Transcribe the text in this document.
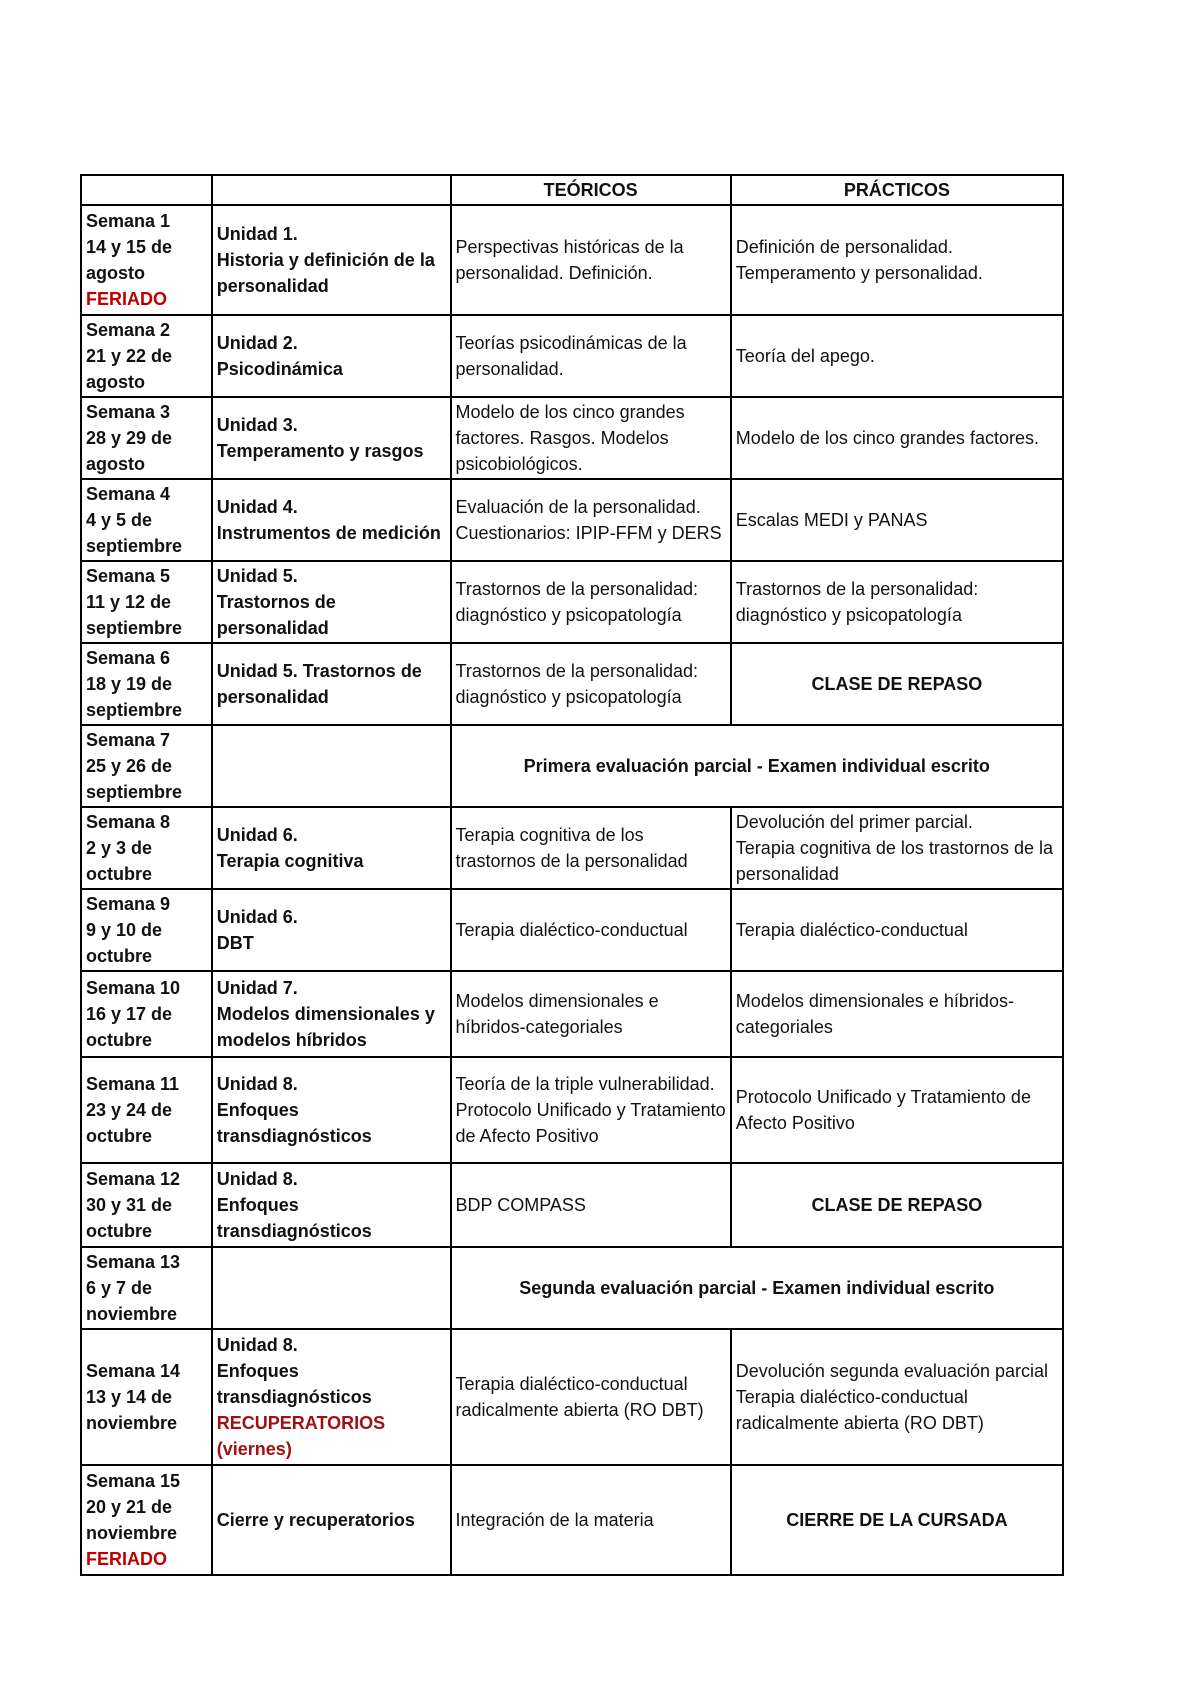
		TEÓRICOS	PRÁCTICOS

Semana 1
14 y 15 de agosto
FERIADO	Unidad 1.
Historia y definición de la personalidad	Perspectivas históricas de la personalidad. Definición.	Definición de personalidad. Temperamento y personalidad.

Semana 2
21 y 22 de agosto	Unidad 2.
Psicodinámica	Teorías psicodinámicas de la personalidad.	Teoría del apego.

Semana 3
28 y 29 de agosto	Unidad 3.
Temperamento y rasgos	Modelo de los cinco grandes factores. Rasgos. Modelos psicobiológicos.	Modelo de los cinco grandes factores.

Semana 4
4 y 5 de septiembre	Unidad 4.
Instrumentos de medición	Evaluación de la personalidad. Cuestionarios: IPIP-FFM y DERS	Escalas MEDI y PANAS

Semana 5
11 y 12 de septiembre	Unidad 5.
Trastornos de personalidad	Trastornos de la personalidad: diagnóstico y psicopatología	Trastornos de la personalidad: diagnóstico y psicopatología

Semana 6
18 y 19 de septiembre	Unidad 5. Trastornos de personalidad	Trastornos de la personalidad: diagnóstico y psicopatología	CLASE DE REPASO

Semana 7
25 y 26 de septiembre		Primera evaluación parcial - Examen individual escrito	

Semana 8
2 y 3 de octubre	Unidad 6.
Terapia cognitiva	Terapia cognitiva de los trastornos de la personalidad	Devolución del primer parcial.
Terapia cognitiva de los trastornos de la personalidad

Semana 9
9 y 10 de octubre	Unidad 6.
DBT	Terapia dialéctico-conductual	Terapia dialéctico-conductual

Semana 10
16 y 17 de octubre	Unidad 7.
Modelos dimensionales y modelos híbridos	Modelos dimensionales e híbridos-categoriales	Modelos dimensionales e híbridos-categoriales

Semana 11
23 y 24 de octubre	Unidad 8.
Enfoques transdiagnósticos	Teoría de la triple vulnerabilidad. Protocolo Unificado y Tratamiento de Afecto Positivo	Protocolo Unificado y Tratamiento de Afecto Positivo

Semana 12
30 y 31 de octubre	Unidad 8.
Enfoques transdiagnósticos	BDP COMPASS	CLASE DE REPASO

Semana 13
6 y 7 de noviembre		Segunda evaluación parcial - Examen individual escrito	

Semana 14
13 y 14 de noviembre	Unidad 8.
Enfoques transdiagnósticos
RECUPERATORIOS (viernes)	Terapia dialéctico-conductual radicalmente abierta (RO DBT)	Devolución segunda evaluación parcial
Terapia dialéctico-conductual radicalmente abierta (RO DBT)

Semana 15
20 y 21 de noviembre
FERIADO	Cierre y recuperatorios	Integración de la materia	CIERRE DE LA CURSADA
